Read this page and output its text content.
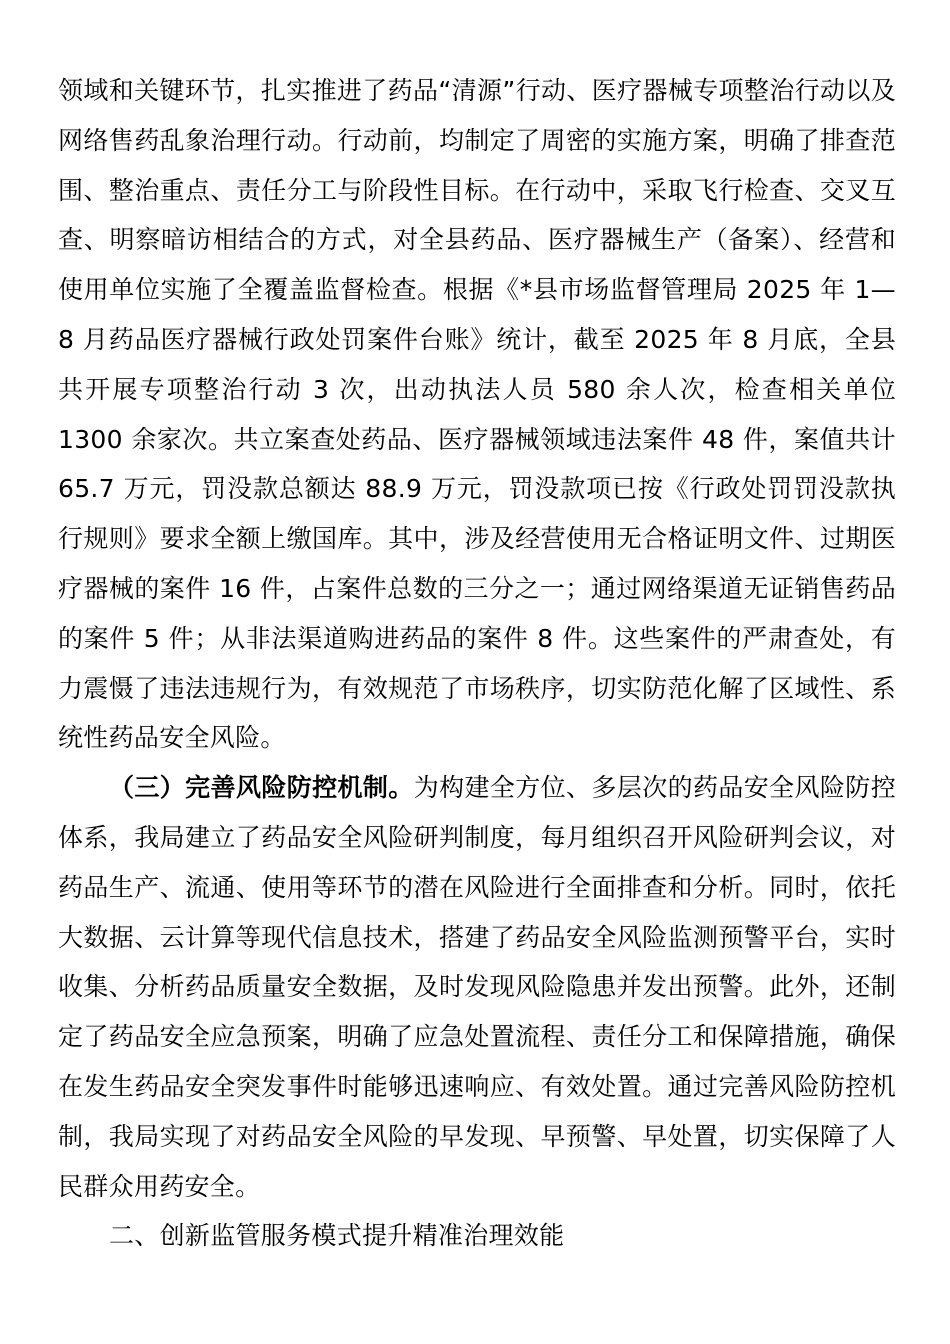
领域和关键环节，扎实推进了药品“清源”行动、医疗器械专项整治行动以及网络售药乱象治理行动。行动前，均制定了周密的实施方案，明确了排查范围、整治重点、责任分工与阶段性目标。在行动中，采取飞行检查、交叉互查、明察暗访相结合的方式，对全县药品、医疗器械生产（备案）、经营和使用单位实施了全覆盖监督检查。根据《*县市场监督管理局 2025 年 1—8 月药品医疗器械行政处罚案件台账》统计，截至 2025 年 8 月底，全县共开展专项整治行动 3 次，出动执法人员 580 余人次，检查相关单位 1300 余家次。共立案查处药品、医疗器械领域违法案件 48 件，案值共计 65.7 万元，罚没款总额达 88.9 万元，罚没款项已按《行政处罚罚没款执行规则》要求全额上缴国库。其中，涉及经营使用无合格证明文件、过期医疗器械的案件 16 件，占案件总数的三分之一；通过网络渠道无证销售药品的案件 5 件；从非法渠道购进药品的案件 8 件。这些案件的严肃查处，有力震慑了违法违规行为，有效规范了市场秩序，切实防范化解了区域性、系统性药品安全风险。

（三）完善风险防控机制。为构建全方位、多层次的药品安全风险防控体系，我局建立了药品安全风险研判制度，每月组织召开风险研判会议，对药品生产、流通、使用等环节的潜在风险进行全面排查和分析。同时，依托大数据、云计算等现代信息技术，搭建了药品安全风险监测预警平台，实时收集、分析药品质量安全数据，及时发现风险隐患并发出预警。此外，还制定了药品安全应急预案，明确了应急处置流程、责任分工和保障措施，确保在发生药品安全突发事件时能够迅速响应、有效处置。通过完善风险防控机制，我局实现了对药品安全风险的早发现、早预警、早处置，切实保障了人民群众用药安全。

二、创新监管服务模式提升精准治理效能
